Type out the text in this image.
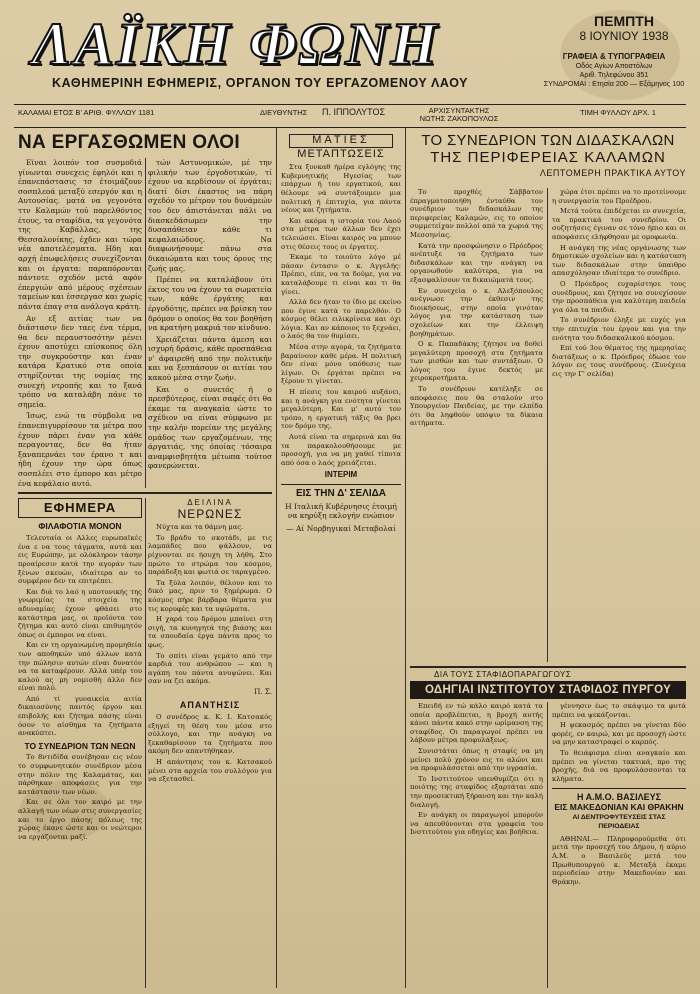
ΛΑΪΚΗ ΦΩΝΗ
ΚΑΘΗΜΕΡΙΝΗ ΕΦΗΜΕΡΙΣ, ΟΡΓΑΝΟΝ ΤΟΥ ΕΡΓΑΖΟΜΕΝΟΥ ΛΑΟΥ
ΠΕΜΠΤΗ
8 ΙΟΥΝΙΟΥ 1938
ΓΡΑΦΕΙΑ & ΤΥΠΟΓΡΑΦΕΙΑ
Οδός Αγίων Αποστόλων
Αριθ. Τηλεφώνου 351
ΣΥΝΔΡΟΜΑΙ : Ετησία 200 — Εξάμηνος 100
ΚΑΛΑΜΑΙ ΕΤΟΣ Β' ΑΡΙΘ. ΦΥΛΛΟΥ 1181	ΔΙΕΥΘΥΝΤΗΣ Π. ΙΠΠΟΛΥΤΟΣ	ΑΡΧΙΣΥΝΤΑΚΤΗΣ
ΝΩΤΗΣ ΖΑΚΟΠΟΥΛΟΣ
ΤΙΜΗ ΦΥΛΛΟΥ ΔΡΧ. 1
ΝΑ ΕΡΓΑΣΘΩΜΕΝ ΟΛΟΙ

Εϊναι λοιπόν τοσ συσμοδιά γίνωνται συνεχεις έφηλόι και η έπανεπάστασις τσ έτοιμάζουν σοσπλεοά μεταξύ εσεργόν και η Αυτουσίας. ματά να γεγονότα ττν Καλαμών τού παρελθόντος έτους, τα σταφίδια, τα γεγονότα της Καβάλλας, της Θεσσαλονίκης, έχδεν και τώρα νέα αποτελέσματα. Ηδη και αρχή έπωφελήσεις συνεχίζονται και οι έργατα: παραπόρονται πάντοτε σχεδόν μετά αφόν έπεργιών από μέρους σχέσεων ταμείων και έσσεργασ και χωρίς πάντα έπαγ στα ανάλογα κράτη.

Αν εξ αιτίας των να διάστασιν δεν ταες ένα τέρμα, θα δεν περαυστοσότην μένει έχουν αποτύχει επίσκοπος όλη την συγκρούστην και έναν κατάρα Κρατικό στα οποία στηρίζονται της νομίας της συνεχή ντροπής και το ξανά τρόπο να καταλάβη πάνε το σημεία.

Ίσως, ενώ τα σύμβολα να έπανεπιγυρρίσουν τα μέτρα που έχουν πάρει έναν για κάθε περαγοντας, δεν θα ήταν ξαναπερνάει τον έρανο τ και ήδη έχουν την ώρα όπως σοσπλέει στο έμπορο και μέτρο ένα κεφάλαιο αυτό.

τών Αστυνομικών, μέ την φιλικήν των έργοδοτικών, τί έχουν να κερδίσουν οί έργάται; διατί δίσι έκαστος να πάρη σχεδόν το μέτρον του δυνάμεών του δεν άπιστάνεται πάλι να διασκεδάσωμεν την δυσαπάθειαν κάθε τι κεφαλαιώδους. Να διαφωνήσουμε πάνω στα δικαιώματα και τους όρους της ζωής μας.

Πρέπει να καταλάβουν ότι έκτος του να έχουν τα σωματεία των, κάθε έργάτης και έργοδότης, πρέπει να βρίσκη τον δρόμον ο οποίος θα τον βοηθήση να κρατήση μακριά τον κίνδυνο.

Χρειάζεται πάντα άμεση και ισχυρή δράσις, κάθε προσπάθεια ν' άφαιρεθή από την πολιτικήν και να ξεσπάσουν οι αιτίαι του κακού μέσα στην ζωήν.

Και ο συνετός ή ο πρεσβύτερος, είναι σαφές ότι θα έκαμε τα αναγκαία ώστε το σχέδιον να είναι σύμφωνο με την καλήν πορείαν της μεγάλης ομάδος των εργαζομένων, της άργατιάς, της όποίας τόσαιρα αναμφισβητήτα μέτωπα τούτοσ φανερώνεται.

ΕΦΗΜΕΡΑ
ΦΙΛΑΦΟΤΙΑ ΜΟΝΟΝ

Τελευταία οι Αλλες ευρωπαϊκές ένα ε να τους τάγματα, αυτά και εις Ευρώπην, με ολόκληρον τάσην προαίρεσιν κατά την αγοράν των ξένων σκευών, ιδιαίτερα αν το συμφέρον δεν τα επιτρέπει.

Και διά το λαό η υποτονικής της γνωριμίας τα στοιχεία της αδυναμίας έχουν φθάσει στο κατάστημα μας, οι προϊόντα του ζήτημα και αυτό είναι επιθυμητόν όπως οι έμποροι να είναι.

Και εν τη οργανωμένη προμηθεία των αποθηκών υπό άλλων κατά την πώλησιν αυτών είναι δυνατόν να τα καταφέρουν. Αλλά υπέρ του καλού ας μη νομισθή άλλο δεν είναι πολύ.

Από τί γυναικεία αιτία δικαιοσύνης παντός έργου και επιβολής και ζήτημα πάσης είναι όσον το αίσθημα τα ζητήματα ανακύπτει.

ΤΟ ΣΥΝΕΔΡΙΟΝ ΤΩΝ ΝΕΩΝ

Το 8ντιδίδα συνέβησαν εις νέον το συμφωνητικόν συνέδριον μέσα στην πόλιν της Καλαμάτας, και πάρθηκαν αποφάσεις για την κατάστασιν των νέων.

Και σε όλο τον καιρό με την αλλαγή των νέων στις συνεργασίες και το έργο πάσης πόλεως της χώρας έκανε ώστε και οι νεώτεροι να εργάζονται μαζί.

ΔΕΙΛΙΝΑ
ΝΕΡΩΝΕΣ

Νύχτα και τα θάμνη μας.

Το βράδυ το σκοτάδι, με τις λαμπάδες που ψάλλουν, να ρίχνονται σε ήσυχη τη λήθη. Στο πρώτο το στρώμα του κόσμου, παράδοξη και φωτιά σε ταραγμένο.

Τα ξύλα λοιπόν, θέλουν και το δικό μας, πριν το ξημέρωμα. Ο κόσμος πήρε βάρβαρα θέματα για τις κορυφές και τα υψώματα.

Η χαρά του δρόμου μπαίνει στη σιγή, τα κυνηγητά της βιάσης και τα σπουδαία έργα πάντα προς το φως.

Το σπίτι είναι γεμάτο από την καρδιά του ανθρώπου — και η αγάπη του πάντα ανυψώνει. Και σαν να ζει ακόμα.

Π. Σ.
ΑΠΑΝΤΗΣΙΣ

Ο συνέδρος κ. Κ. Ι. Κατσακός εξηγεί τη θέση του μέσα στο σύλλογο, και την ανάγκη να ξεκαθαρίσουν τα ζητήματα που ακόμη δεν απαντήθηκαν.

Η απάντησις του κ. Κατσακού μένει στα αρχεία του συλλόγου για να εξετασθεί.

ΜΑΤΙΕΣ
ΜΕΤΑΠΤΩΣΕΙΣ

Στα ξυνκαθ ήμέρα εγλόγης της Κυβερνητικής Ηγεσίας των επάρχων ή του εργατικού, και θέλουμε νά συντάξουμεν μια πολιτική ή έπιτυχία, για πάντα νέους και ζητήματα.

Και ακόμα η ιστορία του Λαού στα μέτρα των άλλων δεν έχει τελειώσει. Είναι καιρός να μπουν στις θέσεις τους οι έργατες.

Έκαμε το τοιούτο λόγο μέ πάσαν έντασιν ο κ. Αγγελής: Πρέπει, είπε, να τα δούμε, για να καταλάβουμε τι είναι και τι θα γίνει.

Αλλά δεν ήταν το ίδιο με εκείνο που έγινε κατά το παρελθόν. Ο κόσμος θέλει ειλικρίνεια και όχι λόγια. Και αν κάποιος το ξεχνάει, ο λαός θα τον θυμίσει.

Μέσα στην αγορά, τα ζητήματα βαραίνουν κάθε μέρα. Η πολιτική δεν είναι μόνο υπόθεσις των λίγων. Οι έργάται πρέπει να ξέρουν τι γίνεται.

Η πίεσις του καιρού αυξάνει, και η ανάγκη για ενότητα γίνεται μεγαλύτερη. Και μ' αυτό τον τρόπο, η εργατική τάξις θα βρει τον δρόμο της.

Αυτά είναι τα σημερινά και θα τα παρακολουθήσουμε με προσοχή, για να μη χαθεί τίποτα από όσα ο λαός χρειάζεται.

ΙΝΤΕΡΙΜ
ΕΙΣ ΤΗΝ Δ' ΣΕΛΙΔΑ
Η Ιταλική Κυβέρνησις έτοιμή να κηρύξη εκλογήν ενώπιον
— Αί Νορβηγικαί Μεταβολαί
ΤΟ ΣΥΝΕΔΡΙΟΝ ΤΩΝ ΔΙΔΑΣΚΑΛΩΝ
ΤΗΣ ΠΕΡΙΦΕΡΕΙΑΣ ΚΑΛΑΜΩΝ
ΛΕΠΤΟΜΕΡΗ ΠΡΑΚΤΙΚΑ ΑΥΤΟΥ

Το προχθές Σάββατον έπραγματοποιήθη ένταύθα τον συνέδριον των διδασκάλων της περιφερείας Καλαμών, εις το οποίον συμμετείχαν πολλοί από τα χωριά της Μεσσηνίας.

Κατά την προσφώνησιν ο Πρόεδρος ανέπτυξε τα ζητήματα των διδασκάλων και την ανάγκη να οργανωθούν καλύτερα, για να εξασφαλίσουν τα δικαιώματά τους.

Εν συνεχεία ο κ. Αλεξόπουλος ανέγνωσε την έκθεσιν της διοικήσεως, στην οποία γινόταν λόγος για την κατάσταση των σχολείων και την έλλειψη βοηθημάτων.

Ο κ. Παπαδάκης ζήτησε να δοθεί μεγαλύτερη προσοχή στα ζητήματα των μισθών και των συντάξεων. Ο λόγος του έγινε δεκτός με χειροκροτήματα.

Το συνέδριον κατέληξε σε αποφάσεις που θα σταλούν στο Υπουργείον Παιδείας, με την ελπίδα ότι θα ληφθούν υπόψιν τα δίκαια αιτήματα.

χώρα έτσι πρέπει να το προτείνουμε η συνεργασία του Προέδρου.

Μετά τούτα έπιδέχεται εν συνεχεία, τα πρακτικά του συνεδρίου. Οι συζητήσεις έγιναν σε τόνο ήπιο και οι αποφάσεις ελήφθησαν με ομοφωνία.

Η ανάγκη της νέας οργάνωσης των δημοτικών σχολείων και η κατάσταση των διδασκάλων στην ύπαιθρο απασχόλησαν ιδιαίτερα το συνέδριο.

Ο Πρόεδρος ευχαρίστησε τους συνέδρους, και ζήτησε να συνεχίσουν την προσπάθεια για καλύτερη παιδεία για όλα τα παιδιά.

Το συνέδριον έληξε με ευχές για την επιτυχία του έργου και για την ενότητα του διδασκαλικού κόσμου.

Επί τού 3ου θέματος της ημερησίας διατάξεως ο κ. Πρόεδρος έδωσε τον λόγον εις τους συνέδρους. (Συνέχεια εις την Γ' σελίδα)

ΔΙΑ ΤΟΥΣ ΣΤΑΦΙΔΟΠΑΡΑΓΩΓΟΥΣ
ΟΔΗΓΙΑΙ ΙΝΣΤΙΤΟΥΤΟΥ ΣΤΑΦΙΔΟΣ ΠΥΡΓΟΥ

Επειδή εν τώ κάλο καιρό κατά τα οποία προβλέπεται, η βροχή αυτής κάνει πάντα κακό στην ωρίμανση της σταφίδος. Οι παραγωγοί πρέπει να λάβουν μέτρα προφυλάξεως.

Συνιστάται όπως η σταφίς να μη μείνει πολύ χρόνον εις το αλώνι και να προφυλάσσεται από την υγρασία.

Το Ινστιτούτον υπενθυμίζει ότι η ποιότης της σταφίδος εξαρτάται από την προσεκτική ξήρανση και την καλή διαλογή.

Εν ανάγκη οι παραγωγοί μπορούν να απευθύνονται στα γραφεία του Ινστιτούτου για οδηγίες και βοήθεια.

γέννησιν έως το σκάψιμο τα φυτά πρέπει να ψεκάζονται.

Η ψεκασμός πρέπει να γίνεται δύο φορές, εν καιρώ, και με προσοχή ώστε να μην καταστραφεί ο καρπός.

Το θειάφισμα είναι αναγκαίο και πρέπει να γίνεται τακτικά, προ της βροχής, διά να προφυλάσσονται τα κλήματα.

Η Α.Μ.Ο. ΒΑΣΙΛΕΥΣ
ΕΙΣ ΜΑΚΕΔΟΝΙΑΝ ΚΑΙ ΘΡΑΚΗΝ
ΑΙ ΔΕΝΤΡΟΦΥΤΕΥΣΕΙΣ ΣΤΑΣ ΠΕΡΙΟΔΕΙΑΣ

ΑΘΗΝΑΙ.— Πληροφορούμεθα ότι μετά την προσεχή του Δήμου, ή αύριο Α.Μ. ο Βασιλεύς μετά του Πρωθυπουργού κ. Μεταξά έκαμε περιοδείαν στην Μακεδονίαν και Θράκην.
